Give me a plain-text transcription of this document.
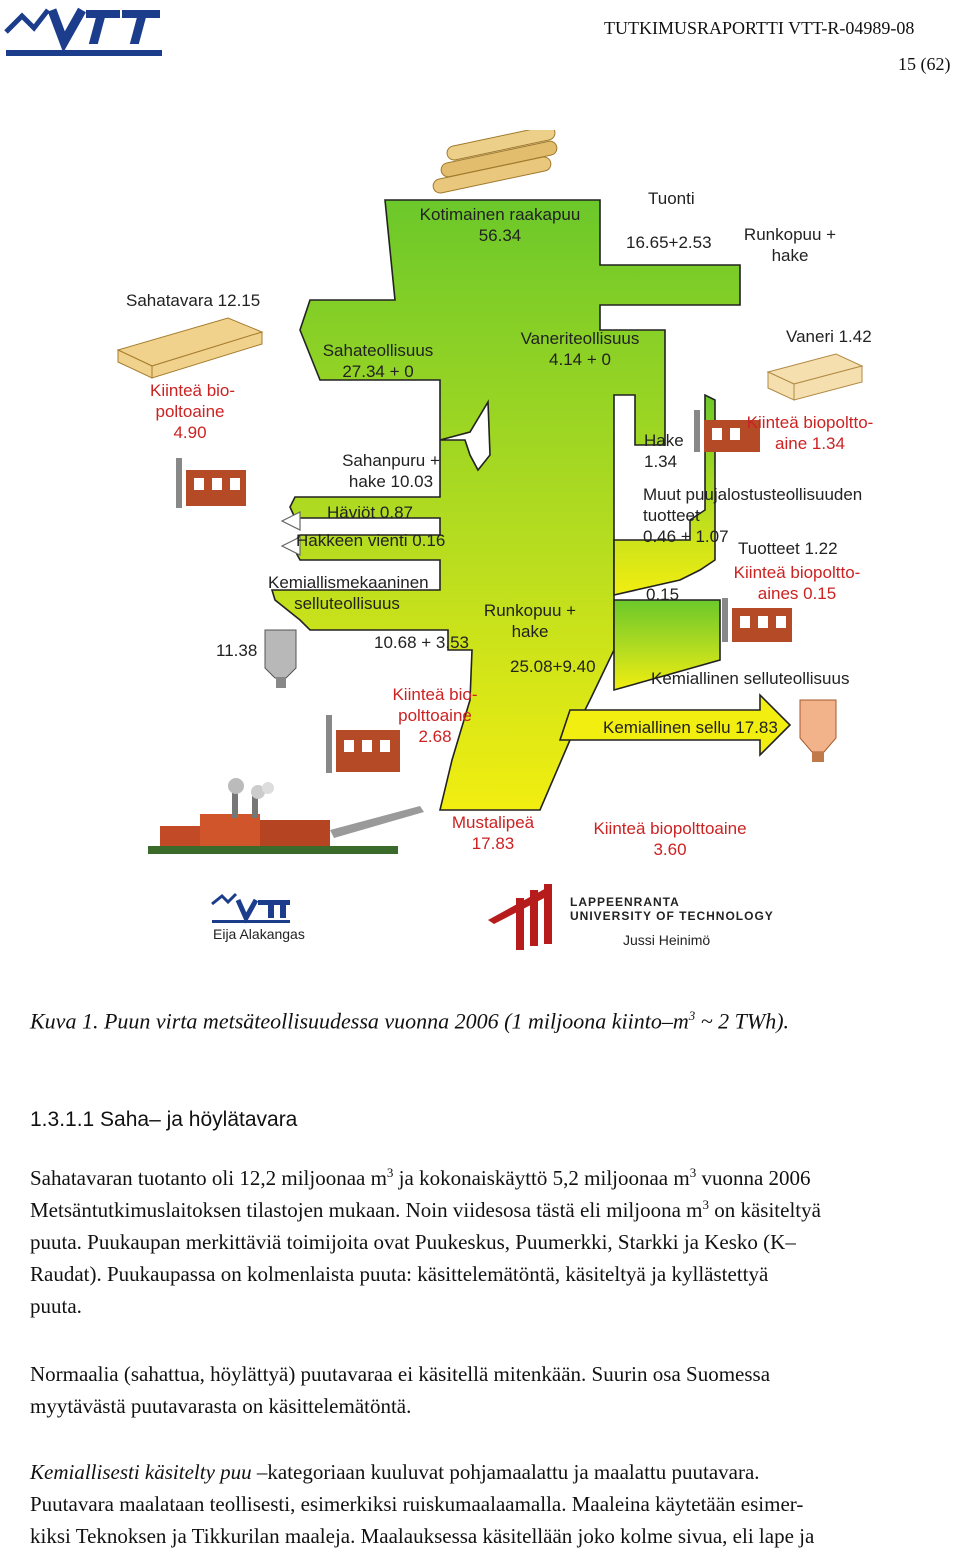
TUTKIMUSRAPORTTI VTT-R-04989-08
15 (62)
Kotimainen raakapuu
56.34
Tuonti
16.65+2.53 Runkopuu +
hake
Sahatavara 12.15
Kiinteä bio-
poltoaine
4.90
Sahateollisuus
27.34 + 0
Vaneriteollisuus
4.14 + 0
Vaneri 1.42
Sahanpuru +
hake 10.03
Häviöt 0.87
Hakkeen vienti 0.16
Hake
1.34
Kiinteä biopoltto-
aine 1.34
Muut puujalostusteollisuuden
tuotteet
0.46 + 1.07
Tuotteet 1.22
Kiinteä biopoltto-
aines 0.15
0.15
Kemiallismekaaninen
selluteollisuus
11.38	10.68 + 3.53
Runkopuu +
hake
25.08+9.40
Kemiallinen selluteollisuus
Kiinteä bio-
polttoaine
2.68	Kemiallinen sellu 17.83
Mustalipeä
17.83
Kiinteä biopolttoaine
3.60
Eija Alakangas
LAPPEENRANTA
UNIVERSITY OF TECHNOLOGY
Jussi Heinimö
Kuva 1. Puun virta metsäteollisuudessa vuonna 2006 (1 miljoona kiinto–$m^3$ ~ 2 TWh).
1.3.1.1 Saha– ja höylätavara
Sahatavaran tuotanto oli 12,2 miljoonaa $m^3$ ja kokonaiskäyttö 5,2 miljoonaa $m^3$ vuonna 2006
Metsäntutkimuslaitoksen tilastojen mukaan. Noin viidesosa tästä eli miljoona $m^3$ on käsiteltyä
puuta. Puukaupan merkittäviä toimijoita ovat Puukeskus, Puumerkki, Starkki ja Kesko (K–
Raudat). Puukaupassa on kolmenlaista puuta: käsittelemätöntä, käsiteltyä ja kyllästettyä
puuta.
Normaalia (sahattua, höylättyä) puutavaraa ei käsitellä mitenkään. Suurin osa Suomessa
myytävästä puutavarasta on käsittelemätöntä.
Kemiallisesti käsitelty puu –kategoriaan kuuluvat pohjamaalattu ja maalattu puutavara.
Puutavara maalataan teollisesti, esimerkiksi ruiskumaalaamalla. Maaleina käytetään esimer-
kiksi Teknoksen ja Tikkurilan maaleja. Maalauksessa käsitellään joko kolme sivua, eli lape ja
